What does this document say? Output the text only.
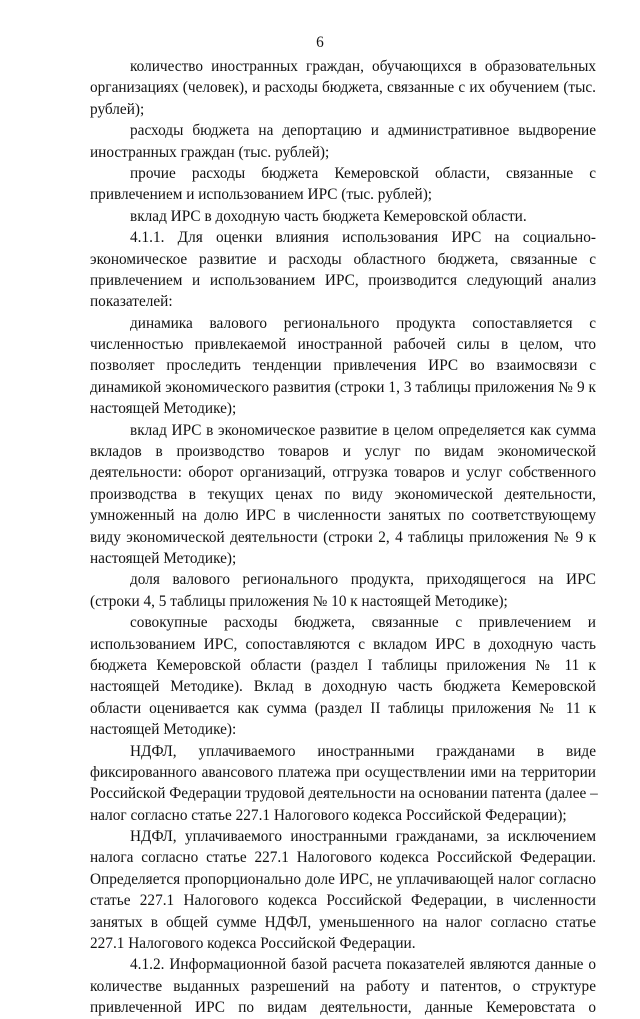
6
количество иностранных граждан, обучающихся в образовательных
организациях (человек), и расходы бюджета, связанные с их обучением (тыс.
рублей);
расходы бюджета на депортацию и административное выдворение
иностранных граждан (тыс. рублей);
прочие расходы бюджета Кемеровской области, связанные с
привлечением и использованием ИРС (тыс. рублей);
вклад ИРС в доходную часть бюджета Кемеровской области.
4.1.1. Для оценки влияния использования ИРС на социально-
экономическое развитие и расходы областного бюджета, связанные с
привлечением и использованием ИРС, производится следующий анализ
показателей:
динамика валового регионального продукта сопоставляется с
численностью привлекаемой иностранной рабочей силы в целом, что
позволяет проследить тенденции привлечения ИРС во взаимосвязи с
динамикой экономического развития (строки 1, 3 таблицы приложения № 9 к
настоящей Методике);
вклад ИРС в экономическое развитие в целом определяется как сумма
вкладов в производство товаров и услуг по видам экономической
деятельности: оборот организаций, отгрузка товаров и услуг собственного
производства в текущих ценах по виду экономической деятельности,
умноженный на долю ИРС в численности занятых по соответствующему
виду экономической деятельности (строки 2, 4 таблицы приложения № 9 к
настоящей Методике);
доля валового регионального продукта, приходящегося на ИРС
(строки 4, 5 таблицы приложения № 10 к настоящей Методике);
совокупные расходы бюджета, связанные с привлечением и
использованием ИРС, сопоставляются с вкладом ИРС в доходную часть
бюджета Кемеровской области (раздел I таблицы приложения № 11 к
настоящей Методике). Вклад в доходную часть бюджета Кемеровской
области оценивается как сумма (раздел II таблицы приложения № 11 к
настоящей Методике):
НДФЛ, уплачиваемого иностранными гражданами в виде
фиксированного авансового платежа при осуществлении ими на территории
Российской Федерации трудовой деятельности на основании патента (далее –
налог согласно статье 227.1 Налогового кодекса Российской Федерации);
НДФЛ, уплачиваемого иностранными гражданами, за исключением
налога согласно статье 227.1 Налогового кодекса Российской Федерации.
Определяется пропорционально доле ИРС, не уплачивающей налог согласно
статье 227.1 Налогового кодекса Российской Федерации, в численности
занятых в общей сумме НДФЛ, уменьшенного на налог согласно статье
227.1 Налогового кодекса Российской Федерации.
4.1.2. Информационной базой расчета показателей являются данные о
количестве выданных разрешений на работу и патентов, о структуре
привлеченной ИРС по видам деятельности, данные Кемеровстата о
